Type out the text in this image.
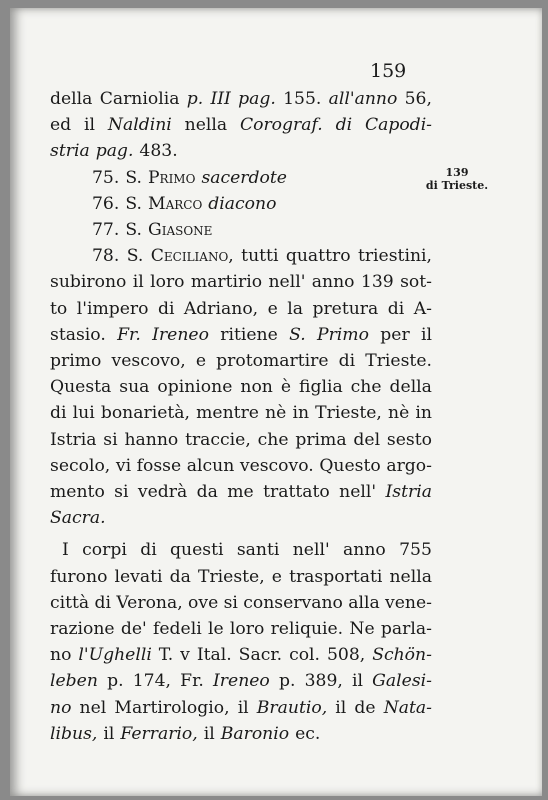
159
139
di Trieste.
della Carniolia p. III pag. 155. all'anno 56,
ed il Naldini nella Corograf. di Capodi-
stria pag. 483.
75. S. Primo sacerdote
76. S. Marco diacono
77. S. Giasone
78. S. Ceciliano, tutti quattro triestini,
subirono il loro martirio nell' anno 139 sot-
to l'impero di Adriano, e la pretura di A-
stasio. Fr. Ireneo ritiene S. Primo per il
primo vescovo, e protomartire di Trieste.
Questa sua opinione non è figlia che della
di lui bonarietà, mentre nè in Trieste, nè in
Istria si hanno traccie, che prima del sesto
secolo, vi fosse alcun vescovo. Questo argo-
mento si vedrà da me trattato nell' Istria
Sacra.
I corpi di questi santi nell' anno 755
furono levati da Trieste, e trasportati nella
città di Verona, ove si conservano alla vene-
razione de' fedeli le loro reliquie. Ne parla-
no l'Ughelli T. v Ital. Sacr. col. 508, Schön-
leben p. 174, Fr. Ireneo p. 389, il Galesi-
no nel Martirologio, il Brautio, il de Nata-
libus, il Ferrario, il Baronio ec.
